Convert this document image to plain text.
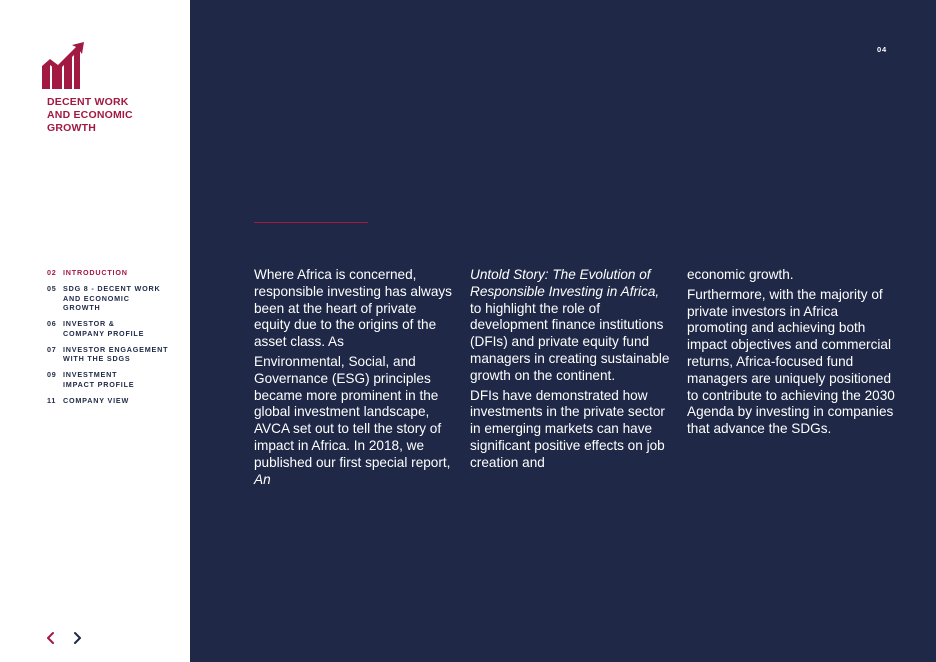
DECENT WORK
AND ECONOMIC
GROWTH
02 INTRODUCTION
05 SDG 8 - DECENT WORK
AND ECONOMIC
GROWTH
06 INVESTOR &
COMPANY PROFILE
07 INVESTOR ENGAGEMENT
WITH THE SDGS
09 INVESTMENT
IMPACT PROFILE
11 COMPANY VIEW
04

Where Africa is concerned, responsible investing has always been at the heart of private equity due to the origins of the asset class. As

Environmental, Social, and Governance (ESG) principles became more prominent in the global investment landscape, AVCA set out to tell the story of impact in Africa. In 2018, we published our first special report, An

Untold Story: The Evolution of Responsible Investing in Africa, to highlight the role of development finance institutions (DFIs) and private equity fund managers in creating sustainable growth on the continent.

DFIs have demonstrated how investments in the private sector in emerging markets can have significant positive effects on job creation and

economic growth.

Furthermore, with the majority of private investors in Africa promoting and achieving both impact objectives and commercial returns, Africa-focused fund managers are uniquely positioned to contribute to achieving the 2030 Agenda by investing in companies that advance the SDGs.
